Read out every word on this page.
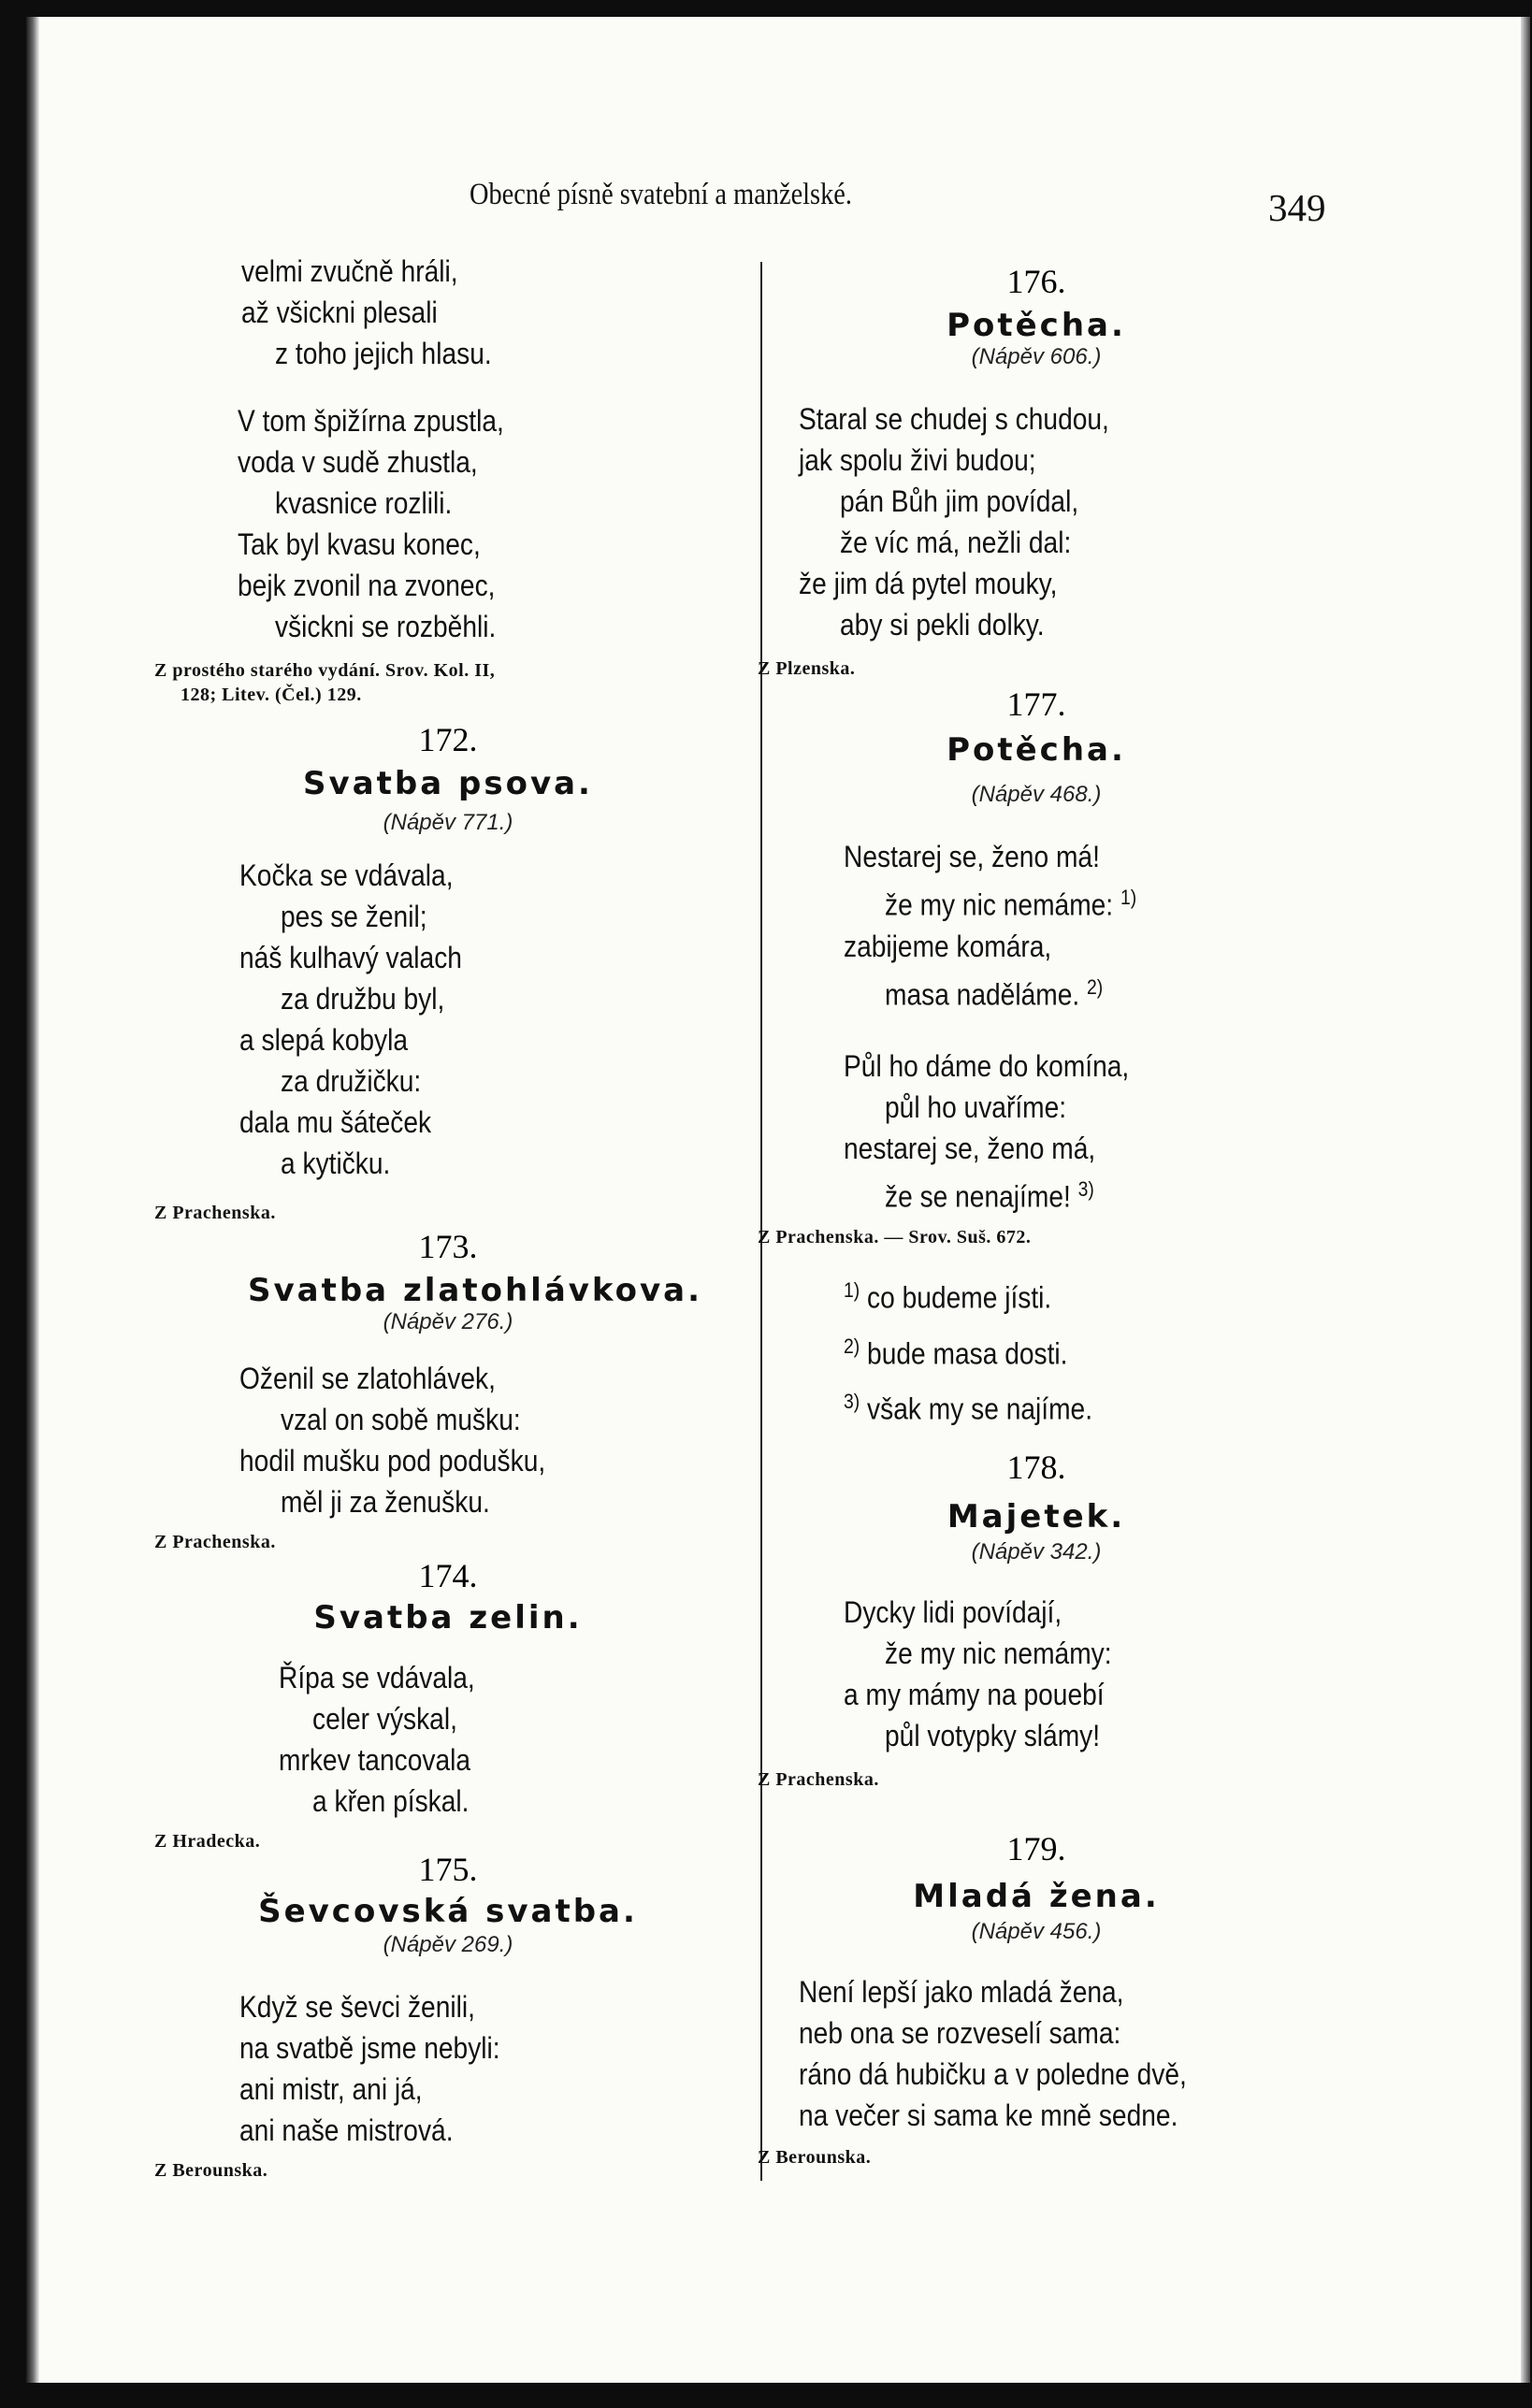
Obecné písně svatební a manželské.	349
velmi zvučně hráli,
až všickni plesali
z toho jejich hlasu.
V tom špižírna zpustla,
voda v sudě zhustla,
kvasnice rozlili.
Tak byl kvasu konec,
bejk zvonil na zvonec,
všickni se rozběhli.
Z prostého starého vydání. Srov. Kol. II,
128; Litev. (Čel.) 129.
172.
Svatba psova.
(Nápěv 771.)
Kočka se vdávala,
pes se ženil;
náš kulhavý valach
za družbu byl,
a slepá kobyla
za družičku:
dala mu šáteček
a kytičku.
Z Prachenska.
173.
Svatba zlatohlávkova.
(Nápěv 276.)
Oženil se zlatohlávek,
vzal on sobě mušku:
hodil mušku pod podušku,
měl ji za ženušku.
Z Prachenska.
174.
Svatba zelin.
Řípa se vdávala,
celer výskal,
mrkev tancovala
a křen pískal.
Z Hradecka.
175.
Ševcovská svatba.
(Nápěv 269.)
Když se ševci ženili,
na svatbě jsme nebyli:
ani mistr, ani já,
ani naše mistrová.
Z Berounska.
176.
Potěcha.
(Nápěv 606.)
Staral se chudej s chudou,
jak spolu živi budou;
pán Bůh jim povídal,
že víc má, nežli dal:
že jim dá pytel mouky,
aby si pekli dolky.
Z Plzenska.
177.
Potěcha.
(Nápěv 468.)
Nestarej se, ženo má!
že my nic nemáme: $^{1)}$
zabijeme komára,
masa naděláme. $^{2)}$
Půl ho dáme do komína,
půl ho uvaříme:
nestarej se, ženo má,
že se nenajíme! $^{3)}$
Z Prachenska. — Srov. Suš. 672.
$^{1)}$ co budeme jísti.
$^{2)}$ bude masa dosti.
$^{3)}$ však my se najíme.
178.
Majetek.
(Nápěv 342.)
Dycky lidi povídají,
že my nic nemámy:
a my mámy na pouebí
půl votypky slámy!
Z Prachenska.
179.
Mladá žena.
(Nápěv 456.)
Není lepší jako mladá žena,
neb ona se rozveselí sama:
ráno dá hubičku a v poledne dvě,
na večer si sama ke mně sedne.
Z Berounska.
